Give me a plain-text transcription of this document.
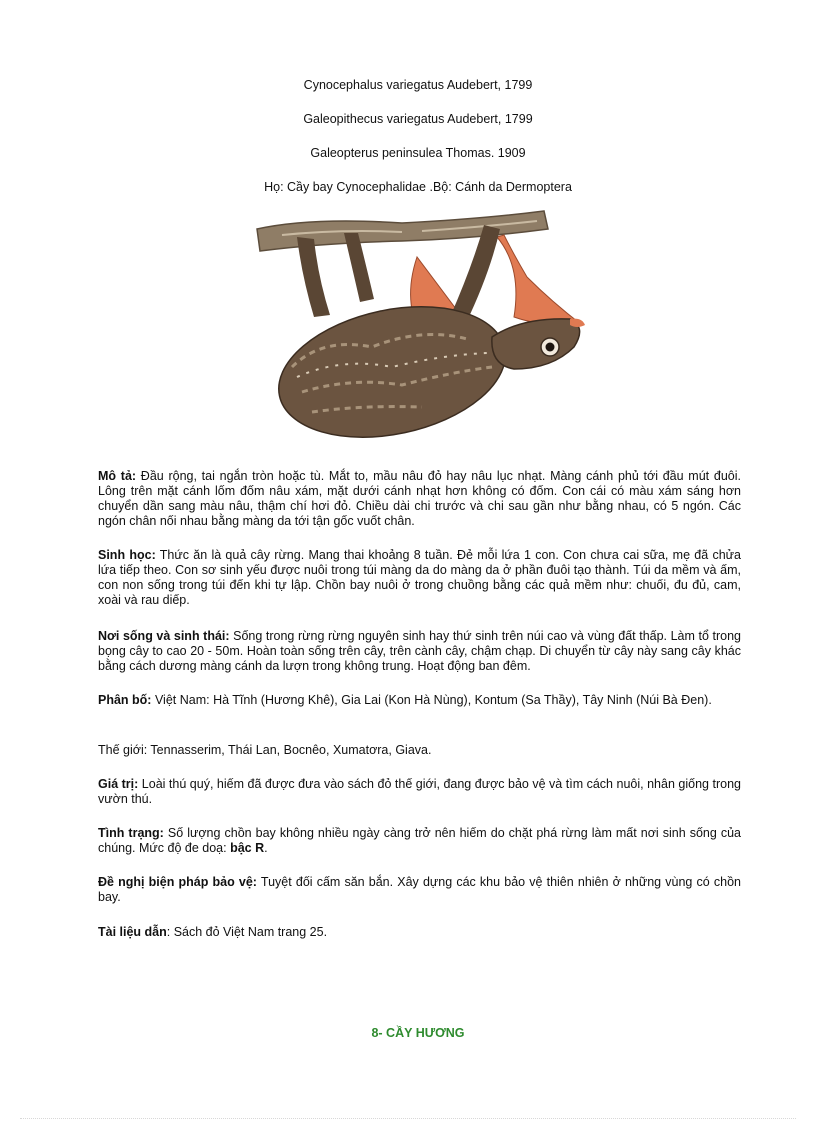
Cynocephalus variegatus Audebert, 1799
Galeopithecus variegatus Audebert, 1799
Galeopterus peninsulea Thomas. 1909
Họ: Cầy bay Cynocephalidae .Bộ: Cánh da Dermoptera

Mô tả: Đầu rộng, tai ngắn tròn hoặc tù. Mắt to, mầu nâu đỏ hay nâu lục nhạt. Màng cánh phủ tới đầu mút đuôi. Lông trên mặt cánh lốm đốm nâu xám, mặt dưới cánh nhạt hơn không có đốm. Con cái có màu xám sáng hơn chuyển dần sang màu nâu, thậm chí hơi đỏ. Chiều dài chi trước và chi sau gần như bằng nhau, có 5 ngón. Các ngón chân nối nhau bằng màng da tới tận gốc vuốt chân.

Sinh học: Thức ăn là quả cây rừng. Mang thai khoảng 8 tuần. Đẻ mỗi lứa 1 con. Con chưa cai sữa, mẹ đã chửa lứa tiếp theo. Con sơ sinh yếu được nuôi trong túi màng da do màng da ở phần đuôi tạo thành. Túi da mềm và ấm, con non sống trong túi đến khi tự lập. Chồn bay nuôi ở trong chuồng bằng các quả mềm như: chuối, đu đủ, cam, xoài và rau diếp.

Nơi sống và sinh thái: Sống trong rừng rừng nguyên sinh hay thứ sinh trên núi cao và vùng đất thấp. Làm tổ trong bọng cây to cao 20 - 50m. Hoàn toàn sống trên cây, trên cành cây, chậm chạp. Di chuyển từ cây này sang cây khác bằng cách dương màng cánh da lượn trong không trung. Hoạt động ban đêm.

Phân bố: Việt Nam: Hà Tĩnh (Hương Khê), Gia Lai (Kon Hà Nùng), Kontum (Sa Thầy), Tây Ninh (Núi Bà Đen).

Thế giới: Tennasserim, Thái Lan, Bocnêo, Xumatơra, Giava.

Giá trị: Loài thú quý, hiếm đã được đưa vào sách đỏ thế giới, đang được bảo vệ và tìm cách nuôi, nhân giống trong vườn thú.

Tình trạng: Số lượng chồn bay không nhiều ngày càng trở nên hiếm do chặt phá rừng làm mất nơi sinh sống của chúng. Mức độ đe doạ: bậc R.

Đề nghị biện pháp bảo vệ: Tuyệt đối cấm săn bắn. Xây dựng các khu bảo vệ thiên nhiên ở những vùng có chồn bay.

Tài liệu dẫn: Sách đỏ Việt Nam trang 25.

8- CẦY HƯƠNG
